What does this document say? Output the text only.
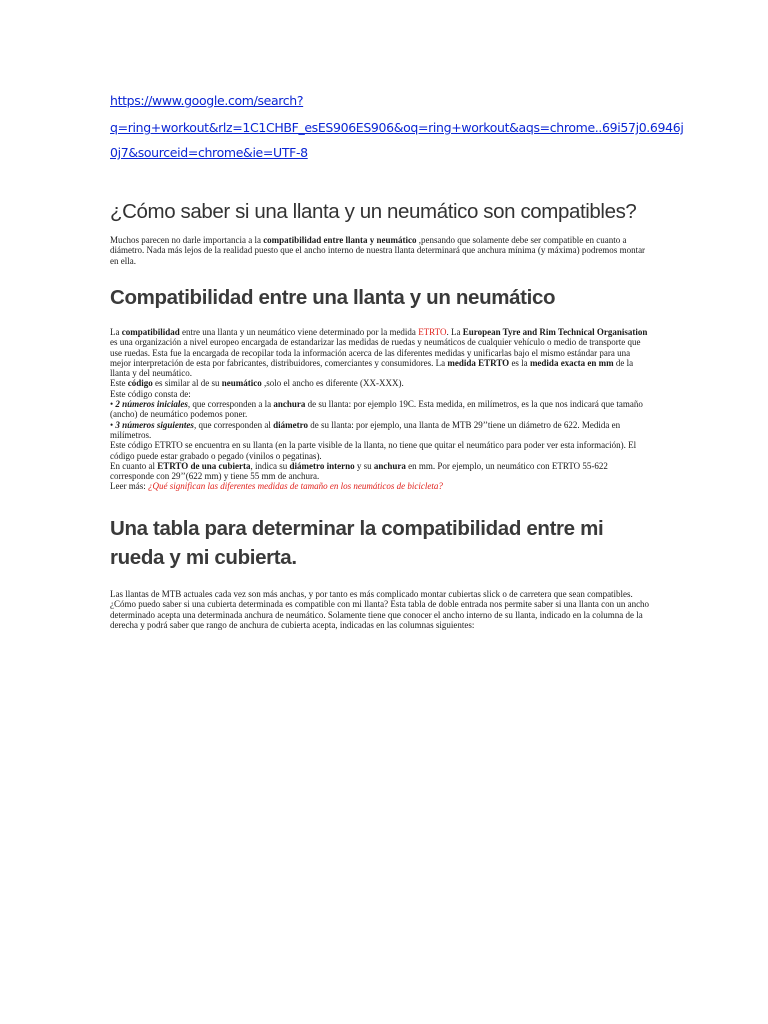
https://www.google.com/search?
q=ring+workout&rlz=1C1CHBF_esES906ES906&oq=ring+workout&aqs=chrome..69i57j0.6946j
0j7&sourceid=chrome&ie=UTF-8
¿Cómo saber si una llanta y un neumático son compatibles?

Muchos parecen no darle importancia a la compatibilidad entre llanta y neumático ,pensando que solamente debe ser compatible en cuanto a diámetro. Nada más lejos de la realidad puesto que el ancho interno de nuestra llanta determinará que anchura mínima (y máxima) podremos montar en ella.

Compatibilidad entre una llanta y un neumático

La compatibilidad entre una llanta y un neumático viene determinado por la medida ETRTO. La European Tyre and Rim Technical Organisation es una organización a nivel europeo encargada de estandarizar las medidas de ruedas y neumáticos de cualquier vehículo o medio de transporte que use ruedas. Esta fue la encargada de recopilar toda la información acerca de las diferentes medidas y unificarlas bajo el mismo estándar para una mejor interpretación de esta por fabricantes, distribuidores, comerciantes y consumidores. La medida ETRTO es la medida exacta en mm de la llanta y del neumático.

Este código es similar al de su neumático ,solo el ancho es diferente (XX-XXX).

Este código consta de:

• 2 números iniciales, que corresponden a la anchura de su llanta: por ejemplo 19C. Esta medida, en milímetros, es la que nos indicará que tamaño (ancho) de neumático podemos poner.

• 3 números siguientes, que corresponden al diámetro de su llanta: por ejemplo, una llanta de MTB 29’’tiene un diámetro de 622. Medida en milímetros.

Este código ETRTO se encuentra en su llanta (en la parte visible de la llanta, no tiene que quitar el neumático para poder ver esta información). El código puede estar grabado o pegado (vinilos o pegatinas).

En cuanto al ETRTO de una cubierta, indica su diámetro interno y su anchura en mm. Por ejemplo, un neumático con ETRTO 55-622 corresponde con 29’’(622 mm) y tiene 55 mm de anchura.

Leer más: ¿Qué significan las diferentes medidas de tamaño en los neumáticos de bicicleta?

Una tabla para determinar la compatibilidad entre mi rueda y mi cubierta.

Las llantas de MTB actuales cada vez son más anchas, y por tanto es más complicado montar cubiertas slick o de carretera que sean compatibles. ¿Cómo puedo saber si una cubierta determinada es compatible con mi llanta? Esta tabla de doble entrada nos permite saber si una llanta con un ancho determinado acepta una determinada anchura de neumático. Solamente tiene que conocer el ancho interno de su llanta, indicado en la columna de la derecha y podrá saber que rango de anchura de cubierta acepta, indicadas en las columnas siguientes:
